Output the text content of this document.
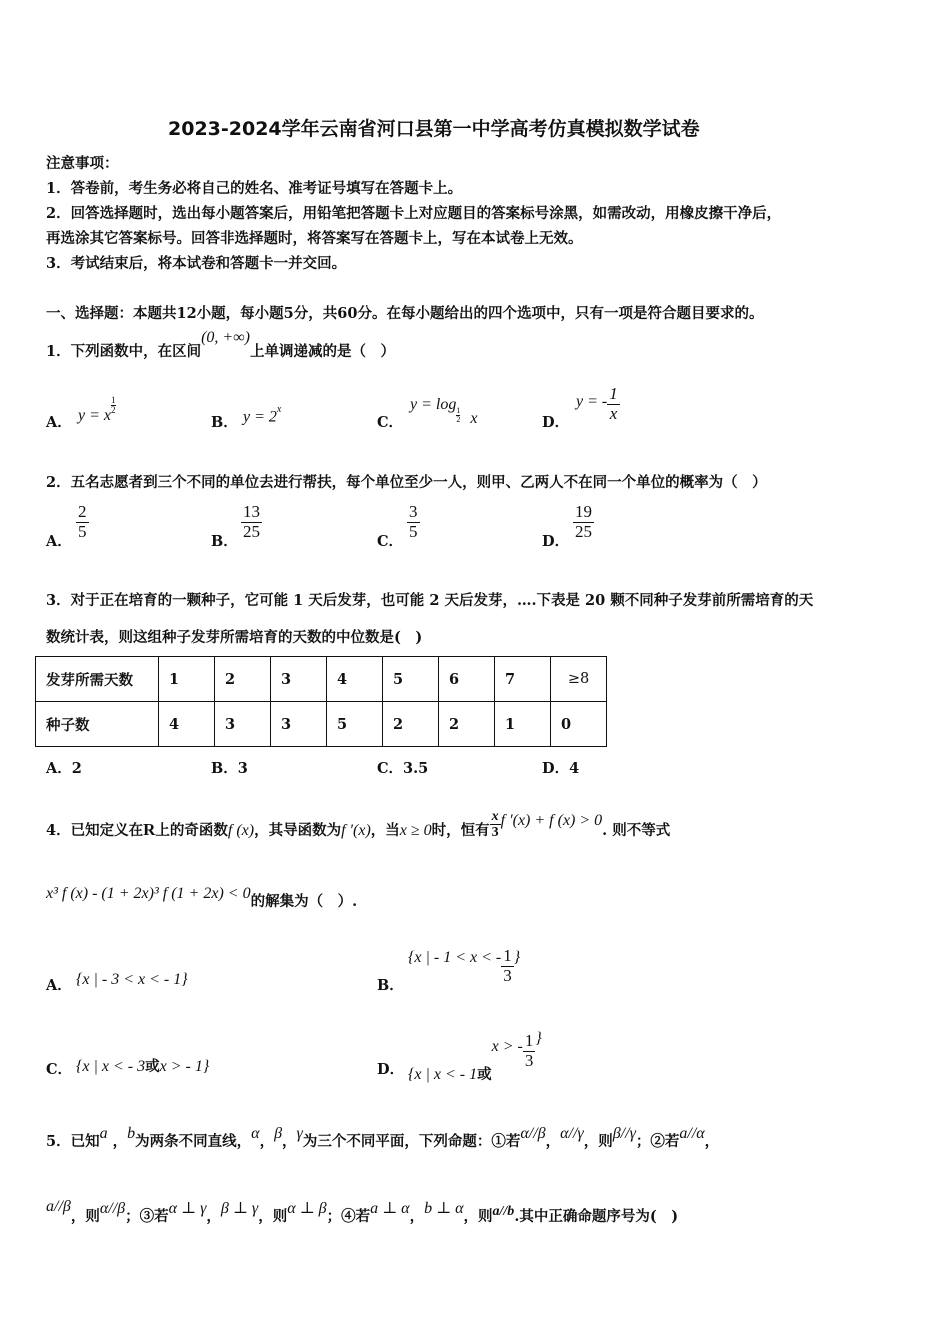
2023-2024学年云南省河口县第一中学高考仿真模拟数学试卷
注意事项：
1．答卷前，考生务必将自己的姓名、准考证号填写在答题卡上。
2．回答选择题时，选出每小题答案后，用铅笔把答题卡上对应题目的答案标号涂黑，如需改动，用橡皮擦干净后，
再选涂其它答案标号。回答非选择题时，将答案写在答题卡上，写在本试卷上无效。
3．考试结束后，将本试卷和答题卡一并交回。
一、选择题：本题共12小题，每小题5分，共60分。在每小题给出的四个选项中，只有一项是符合题目要求的。
1．下列函数中，在区间(0, +∞)上单调递减的是（　）
A． y = x
$\frac{1}{2}$
B． $y = 2^x$
C．
y = log
$\frac{1}{2}$ x	D．
y = - $\frac{1}{x}$
2．五名志愿者到三个不同的单位去进行帮扶，每个单位至少一人，则甲、乙两人不在同一个单位的概率为（　）
A．
$\frac{2}{5}$
B．
$\frac{13}{25}$
C．
$\frac{3}{5}$
D．
$\frac{19}{25}$
3．对于正在培育的一颗种子，它可能 1 天后发芽，也可能 2 天后发芽，….下表是 20 颗不同种子发芽前所需培育的天
数统计表，则这组种子发芽所需培育的天数的中位数是(　)
发芽所需天数	1	2	3	4	5	6	7	≥8
种子数	4	3	3	5	2	2	1	0
A．2	B．3	C．3.5	D．4
4．已知定义在R上的奇函数f (x)，其导函数为f ′(x)，当x ≥ 0时，恒有 $\frac{x}{3}$ f ′(x) + f (x) > 0. 则不等式
x³ f (x) - (1 + 2x)³ f (1 + 2x) < 0的解集为（　）.
A． {x | - 3 < x < - 1}	B．
{x | - 1 < x < - $\frac{1}{3}$ }
C． {x | x < - 3或x > - 1}	D． {x | x < - 1或x > - $\frac{1}{3}$ }
5．已知a ，b为两条不同直线，α，β，γ为三个不同平面，下列命题：①若α//β，α//γ，则β//γ；②若a//α，
a//β，则α//β；③若α ⊥ γ，β ⊥ γ，则α ⊥ β；④若a ⊥ α，b ⊥ α，则a//b.其中正确命题序号为(　)
